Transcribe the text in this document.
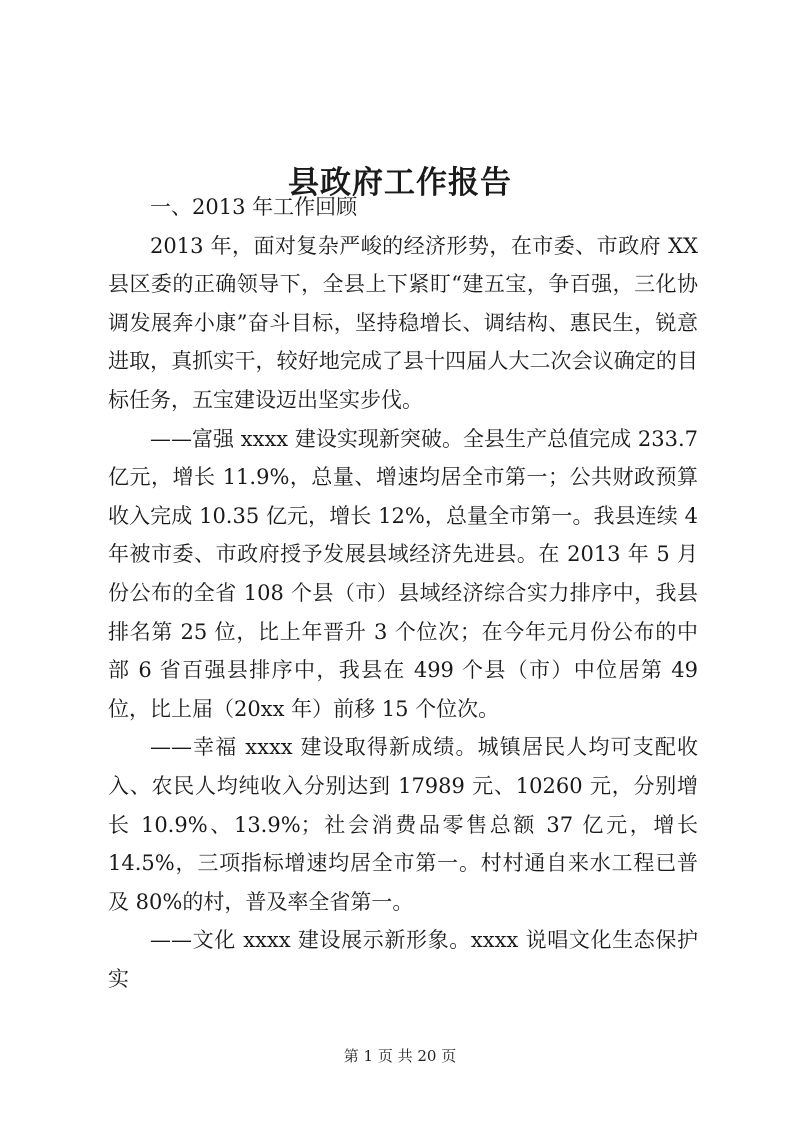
县政府工作报告

一、2013 年工作回顾

2013 年，面对复杂严峻的经济形势，在市委、市政府 XX 县区委的正确领导下，全县上下紧盯“建五宝，争百强，三化协调发展奔小康”奋斗目标，坚持稳增长、调结构、惠民生，锐意进取，真抓实干，较好地完成了县十四届人大二次会议确定的目标任务，五宝建设迈出坚实步伐。

——富强 xxxx 建设实现新突破。全县生产总值完成 233.7 亿元，增长 11.9%，总量、增速均居全市第一；公共财政预算收入完成 10.35 亿元，增长 12%，总量全市第一。我县连续 4 年被市委、市政府授予发展县域经济先进县。在 2013 年 5 月份公布的全省 108 个县（市）县域经济综合实力排序中，我县排名第 25 位，比上年晋升 3 个位次；在今年元月份公布的中部 6 省百强县排序中，我县在 499 个县（市）中位居第 49 位，比上届（20xx 年）前移 15 个位次。

——幸福 xxxx 建设取得新成绩。城镇居民人均可支配收入、农民人均纯收入分别达到 17989 元、10260 元，分别增长 10.9%、13.9%；社会消费品零售总额 37 亿元，增长 14.5%，三项指标增速均居全市第一。村村通自来水工程已普及 80%的村，普及率全省第一。

——文化 xxxx 建设展示新形象。xxxx 说唱文化生态保护实

第 1 页 共 20 页
